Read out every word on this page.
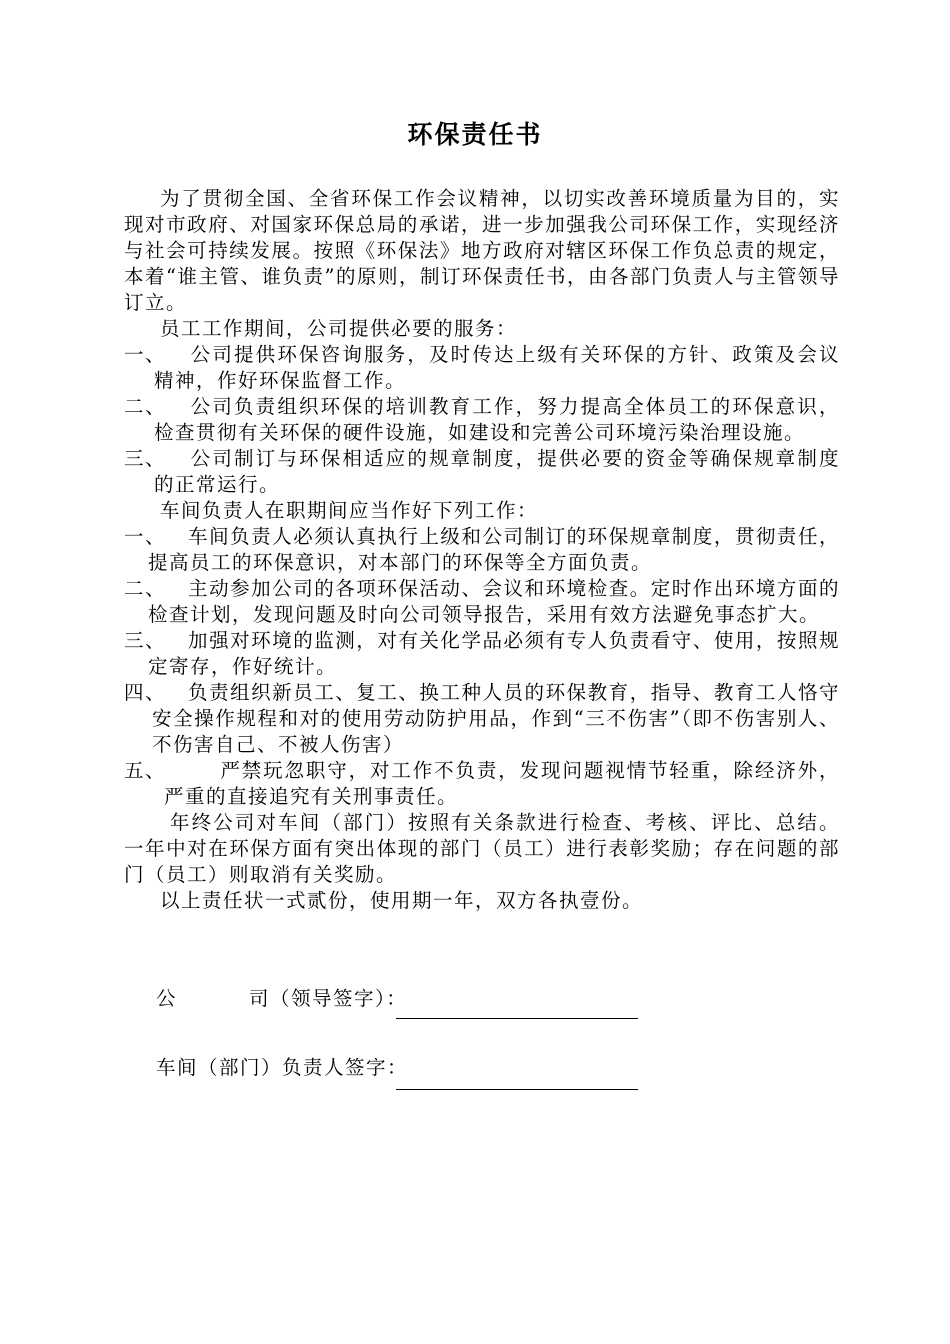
环保责任书

为了贯彻全国、全省环保工作会议精神，以切实改善环境质量为目的，实现对市政府、对国家环保总局的承诺，进一步加强我公司环保工作，实现经济与社会可持续发展。按照《环保法》地方政府对辖区环保工作负总责的规定，本着“谁主管、谁负责”的原则，制订环保责任书，由各部门负责人与主管领导订立。

员工工作期间，公司提供必要的服务：

一、 公司提供环保咨询服务，及时传达上级有关环保的方针、政策及会议精神，作好环保监督工作。

二、 公司负责组织环保的培训教育工作，努力提高全体员工的环保意识，检查贯彻有关环保的硬件设施，如建设和完善公司环境污染治理设施。

三、 公司制订与环保相适应的规章制度，提供必要的资金等确保规章制度的正常运行。

车间负责人在职期间应当作好下列工作：

一、 车间负责人必须认真执行上级和公司制订的环保规章制度，贯彻责任，提高员工的环保意识，对本部门的环保等全方面负责。

二、 主动参加公司的各项环保活动、会议和环境检查。定时作出环境方面的检查计划，发现问题及时向公司领导报告，采用有效方法避免事态扩大。

三、 加强对环境的监测，对有关化学品必须有专人负责看守、使用，按照规定寄存，作好统计。

四、 负责组织新员工、复工、换工种人员的环保教育，指导、教育工人恪守安全操作规程和对的使用劳动防护用品，作到“三不伤害”（即不伤害别人、不伤害自己、不被人伤害）

五、	严禁玩忽职守，对工作不负责，发现问题视情节轻重，除经济外，严重的直接追究有关刑事责任。

年终公司对车间（部门）按照有关条款进行检查、考核、评比、总结。一年中对在环保方面有突出体现的部门（员工）进行表彰奖励；存在问题的部门（员工）则取消有关奖励。

以上责任状一式贰份，使用期一年，双方各执壹份。

公	司（领导签字）：
车间（部门）负责人签字：
